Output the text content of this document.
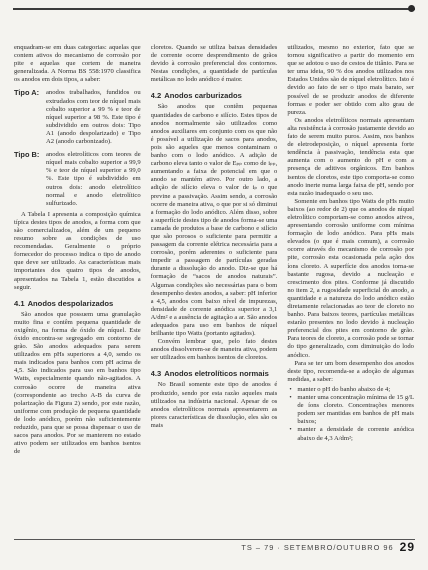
enquadram-se em duas categorias: aquelas que contem ativos do mecanismo de corrosão por pite e aquelas que cortem de maneira generalizada. A Norma BS 558:1970 classifica os anodos em dois tipos, a saber:

Tipo A:	anodos trabalhados, fundidos ou extrudados com teor de níquel mais cobalto superior a 99 % e teor de níquel superior a 98 %. Este tipo é subdividido em outros dois: Tipo A1 (anodo despolarizado) e Tipo A2 (anodo carbonizado).
Tipo B:	anodos eletrolíticos com teores de níquel mais cobalto superior a 99,9 % e teor de níquel superior a 99,0 %. Este tipo é subdividido em outros dois: anodo eletrolítico normal e anodo eletrolítico sulfurizado.

A Tabela I apresenta a composição química típica destes tipos de anodos, a forma com que são comercializados, além de um pequeno resumo sobre as condições de uso recomendadas. Geralmente o próprio fornecedor do processo indica o tipo de anodo que deve ser utilizado. As características mais importantes dos quatro tipos de anodos, apresentados na Tabela 1, estão discutidos a seguir.

4.1 Anodos despolarizados

São anodos que possuem uma granulação muito fina e contêm pequena quantidade de oxigênio, na forma de óxido de níquel. Este óxido encontra-se segregado em contorno de grão. São anodos adequados para serem utilizados em pHs superiores a 4,0, sendo os mais indicados para banhos com pH acima de 4,5. São indicados para uso em banhos tipo Watts, especialmente quando não-agitados. A corrosão ocorre de maneira ativa (correspondente ao trecho A-B da curva de polarização da Figura 2) sendo, por este razão, uniforme com produção de pequena quantidade de lodo anódico, porém não suficientemente reduzido, para que se possa dispensar o uso de sacos para anodos. Por se manterem no estado ativo podem ser utilizados em banhos isentos de

cloretos. Quando se utiliza baixas densidades de corrente ocorre desprendimento de grãos devido à corrosão preferencial dos contornos. Nestas condições, a quantidade de partículas metálicas no lodo anódico é maior.

4.2 Anodos carburizados

São anodos que contêm pequenas quantidades de carbono e silício. Estes tipos de anodos normalmente são utilizados como anodos auxiliares em conjunto com os que não é possível a utilização de sacos para anodos, pois são aqueles que menos contaminam o banho com o lodo anódico. A adição de carbono eleva tanto o valor de Eₚₚ como de iₚₚ, aumentando a faixa de potencial em que o anodo se mantém ativo. Por outro lado, a adição de silício eleva o valor de iₚ o que previne a passivação. Assim sendo, a corrosão ocorre de maneira ativa, o que por si só diminui a formação do lodo anódico. Além disso, sobre a superfície destes tipo de anodos forma-se uma camada de produtos a base de carbono e silício que são porosos o suficiente para permitir a passagem da corrente elétrica necessária para a corrosão, porém aderentes o suficiente para impedir a passagem de partículas geradas durante a dissolução do anodo. Diz-se que há formação de “sacos de anodos naturais”. Algumas condições são necessárias para o bom desempenho destes anodos, a saber: pH inferior a 4,5, anodos com baixo nível de impurezas, densidade de corrente anódica superior a 3,1 A/dm² e a ausência de agitação a ar. São anodos adequados para uso em banhos de níquel brilhante tipo Watts (portanto agitados).

Convém lembrar que, pelo fato destes anodos dissolverem-se de maneira ativa, podem ser utilizados em banhos isentos de cloretos.

4.3 Anodos eletrolíticos normais

No Brasil somente este tipo de anodos é produzido, sendo por esta razão aqueles mais utilizados na indústria nacional. Apesar de os anodos eletrolíticos normais apresentarem as piores características de dissolução, eles são os mais

utilizados, mesmo no exterior, fato que se tornou significativo a partir do momento em que se adotou o uso de cestos de titânio. Para se ter uma ideia, 90 % dos anodos utilizados nos Estados Unidos são de níquel eletrolítico. Isto é devido ao fato de ser o tipo mais barato, ser possível de se produzir anodos de diferente formas e poder ser obtido com alto grau de pureza.

Os anodos eletrolíticos normais apresentam alta resistência à corrosão justamente devido ao fato de serem muito puros. Assim, nos banhos de eletrodeposição, o níquel apresenta forte tendência à passivação, tendência esta que aumenta com o aumento do pH e com a presença de aditivos orgânicos. Em banhos isentos de cloretos, este tipo comporta-se como anodo inerte numa larga faixa de pH, sendo por esta razão inadequado o seu uso.

Somente em banhos tipo Watts de pHs muito baixos (ao redor de 2) que os anodos de níquel eletrolítico comportam-se como anodos ativos, apresentando corrosão uniforme com mínima formação de lodo anódico. Para pHs mais elevados (o que é mais comum), a corrosão ocorre através do mecanismo de corrosão por pite, corrosão esta ocasionada pela ação dos íons cloreto. A superfície dos anodos torna-se bastante rugosa, devido a nucleação e crescimento dos pites. Conforme já discutido no item 2, a rugosidade superficial do anodo, a quantidade e a natureza do lodo anódico estão diretamente relacionadas ao teor de cloreto no banho. Para baixos teores, partículas metálicas estarão presentes no lodo devido à nucleação preferencial dos pites em contorno de grão. Para teores de cloreto, a corrosão pode se tornar do tipo generalizado, com diminuição do lodo anódico.

Para se ter um bom desempenho dos anodos deste tipo, recomenda-se a adoção de algumas medidas, a saber:

• manter o pH do banho abaixo de 4;
• manter uma concentração mínima de 15 g/L de íons cloreto. Concentrações menores podem ser mantidas em banhos de pH mais baixos;
• manter a densidade de corrente anódica abaixo de 4,3 A/dm²;
TS – 79 · SETEMBRO/OUTUBRO 96 29
